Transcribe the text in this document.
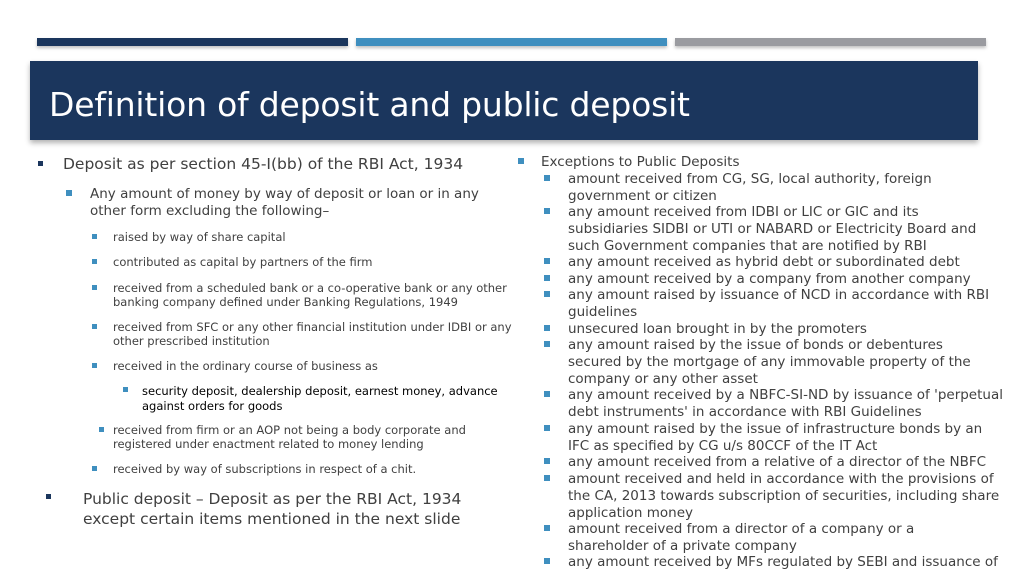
Definition of deposit and public deposit
Deposit as per section 45-I(bb) of the RBI Act, 1934
Any amount of money by way of deposit or loan or in any
other form excluding the following–
raised by way of share capital
contributed as capital by partners of the firm
received from a scheduled bank or a co-operative bank or any other
banking company defined under Banking Regulations, 1949
received from SFC or any other financial institution under IDBI or any
other prescribed institution
received in the ordinary course of business as
security deposit, dealership deposit, earnest money, advance
against orders for goods
received from firm or an AOP not being a body corporate and
registered under enactment related to money lending
received by way of subscriptions in respect of a chit.
Public deposit – Deposit as per the RBI Act, 1934
except certain items mentioned in the next slide
Exceptions to Public Deposits
amount received from CG, SG, local authority, foreign
government or citizen
any amount received from IDBI or LIC or GIC and its
subsidiaries SIDBI or UTI or NABARD or Electricity Board and
such Government companies that are notified by RBI
any amount received as hybrid debt or subordinated debt
any amount received by a company from another company
any amount raised by issuance of NCD in accordance with RBI
guidelines
unsecured loan brought in by the promoters
any amount raised by the issue of bonds or debentures
secured by the mortgage of any immovable property of the
company or any other asset
any amount received by a NBFC-SI-ND by issuance of 'perpetual
debt instruments' in accordance with RBI Guidelines
any amount raised by the issue of infrastructure bonds by an
IFC as specified by CG u/s 80CCF of the IT Act
any amount received from a relative of a director of the NBFC
amount received and held in accordance with the provisions of
the CA, 2013 towards subscription of securities, including share
application money
amount received from a director of a company or a
shareholder of a private company
any amount received by MFs regulated by SEBI and issuance of
